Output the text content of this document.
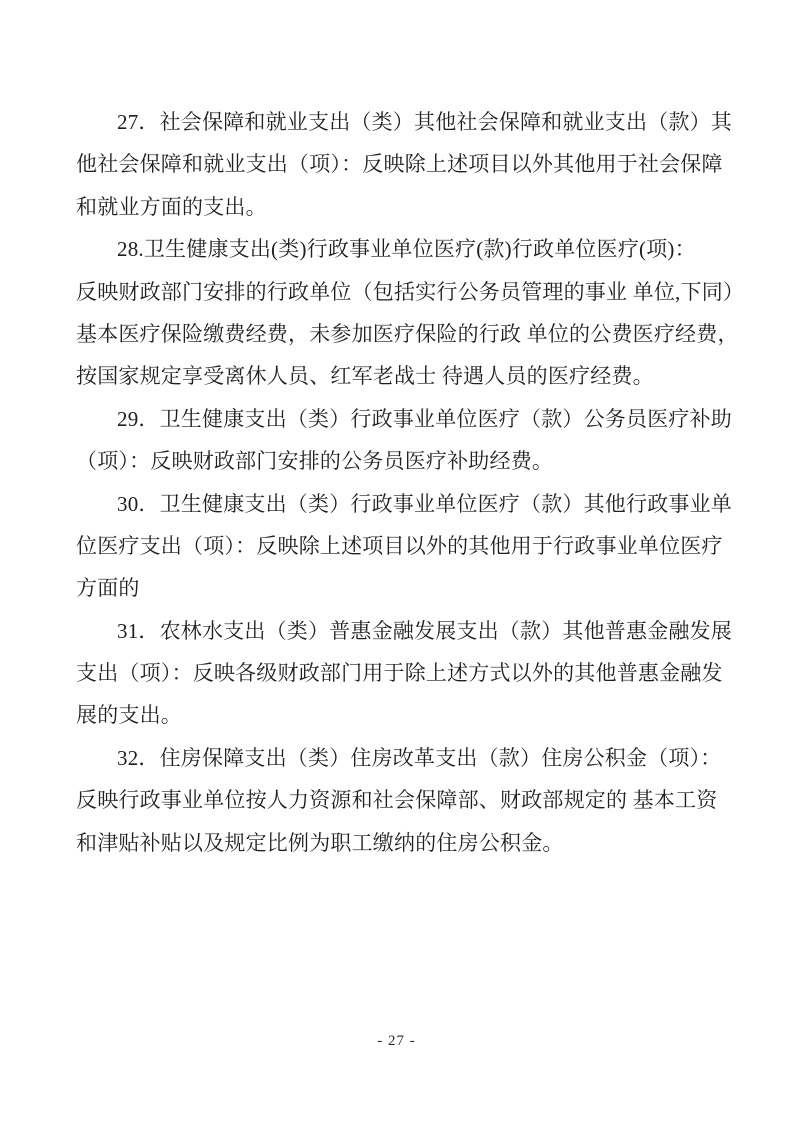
27．社会保障和就业支出（类）其他社会保障和就业支出（款）其
他社会保障和就业支出（项）：反映除上述项目以外其他用于社会保障
和就业方面的支出。
28.卫生健康支出(类)行政事业单位医疗(款)行政单位医疗(项)：
反映财政部门安排的行政单位（包括实行公务员管理的事业 单位,下同）
基本医疗保险缴费经费，未参加医疗保险的行政 单位的公费医疗经费，
按国家规定享受离休人员、红军老战士 待遇人员的医疗经费。
29．卫生健康支出（类）行政事业单位医疗（款）公务员医疗补助
（项）：反映财政部门安排的公务员医疗补助经费。
30．卫生健康支出（类）行政事业单位医疗（款）其他行政事业单
位医疗支出（项）：反映除上述项目以外的其他用于行政事业单位医疗
方面的
31．农林水支出（类）普惠金融发展支出（款）其他普惠金融发展
支出（项）：反映各级财政部门用于除上述方式以外的其他普惠金融发
展的支出。
32．住房保障支出（类）住房改革支出（款）住房公积金（项）：
反映行政事业单位按人力资源和社会保障部、财政部规定的 基本工资
和津贴补贴以及规定比例为职工缴纳的住房公积金。
- 27 -
